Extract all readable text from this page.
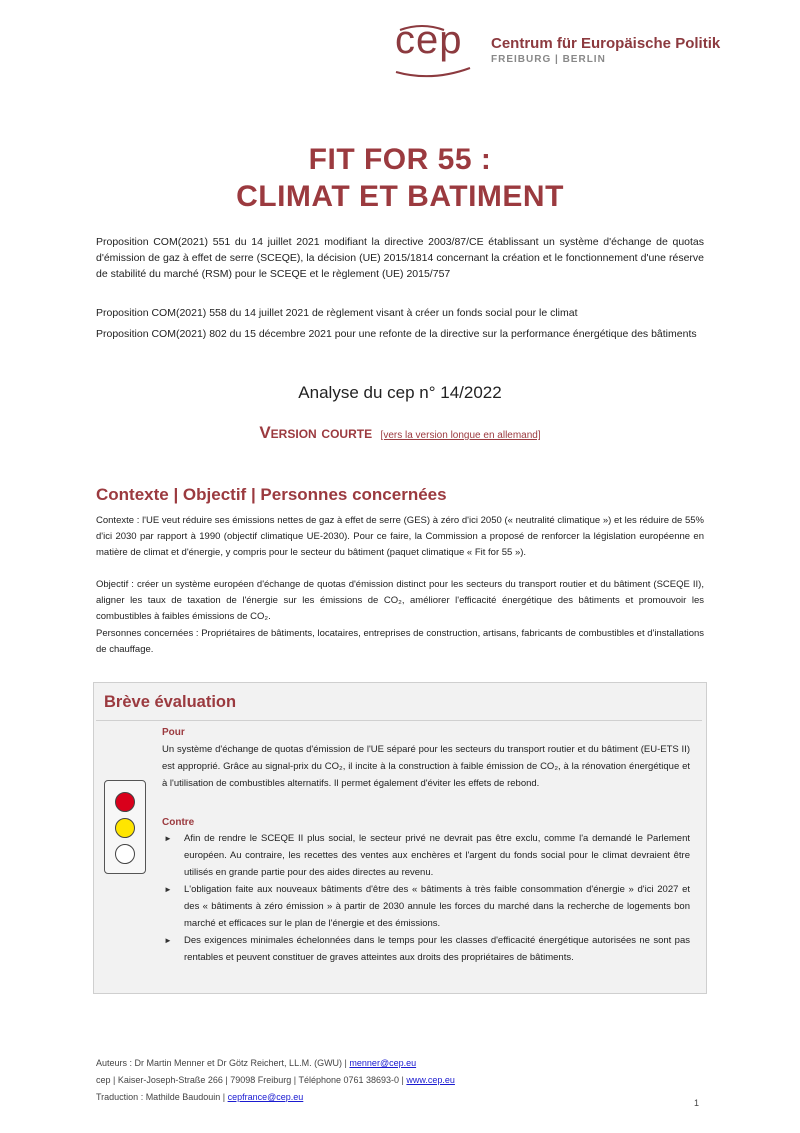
cep Centrum für Europäische Politik
FREIBURG | BERLIN
FIT FOR 55 :
CLIMAT ET BATIMENT
Proposition COM(2021) 551 du 14 juillet 2021 modifiant la directive 2003/87/CE établissant un système d'échange de quotas d'émission de gaz à effet de serre (SCEQE), la décision (UE) 2015/1814 concernant la création et le fonctionnement d'une réserve de stabilité du marché (RSM) pour le SCEQE et le règlement (UE) 2015/757
Proposition COM(2021) 558 du 14 juillet 2021 de règlement visant à créer un fonds social pour le climat
Proposition COM(2021) 802 du 15 décembre 2021 pour une refonte de la directive sur la performance énergétique des bâtiments
Analyse du cep n° 14/2022
Version courte [vers la version longue en allemand]
Contexte | Objectif | Personnes concernées
Contexte : l'UE veut réduire ses émissions nettes de gaz à effet de serre (GES) à zéro d'ici 2050 (« neutralité climatique ») et les réduire de 55% d'ici 2030 par rapport à 1990 (objectif climatique UE-2030). Pour ce faire, la Commission a proposé de renforcer la législation européenne en matière de climat et d'énergie, y compris pour le secteur du bâtiment (paquet climatique « Fit for 55 »).
Objectif : créer un système européen d'échange de quotas d'émission distinct pour les secteurs du transport routier et du bâtiment (SCEQE II), aligner les taux de taxation de l'énergie sur les émissions de CO₂, améliorer l'efficacité énergétique des bâtiments et promouvoir les combustibles à faibles émissions de CO₂.
Personnes concernées : Propriétaires de bâtiments, locataires, entreprises de construction, artisans, fabricants de combustibles et d'installations de chauffage.
Brève évaluation
Pour
Un système d'échange de quotas d'émission de l'UE séparé pour les secteurs du transport routier et du bâtiment (EU-ETS II) est approprié. Grâce au signal-prix du CO₂, il incite à la construction à faible émission de CO₂, à la rénovation énergétique et à l'utilisation de combustibles alternatifs. Il permet également d'éviter les effets de rebond.
Contre
► Afin de rendre le SCEQE II plus social, le secteur privé ne devrait pas être exclu, comme l'a demandé le Parlement européen. Au contraire, les recettes des ventes aux enchères et l'argent du fonds social pour le climat devraient être utilisés en grande partie pour des aides directes au revenu.
► L'obligation faite aux nouveaux bâtiments d'être des « bâtiments à très faible consommation d'énergie » d'ici 2027 et des « bâtiments à zéro émission » à partir de 2030 annule les forces du marché dans la recherche de logements bon marché et efficaces sur le plan de l'énergie et des émissions.
► Des exigences minimales échelonnées dans le temps pour les classes d'efficacité énergétique autorisées ne sont pas rentables et peuvent constituer de graves atteintes aux droits des propriétaires de bâtiments.
Auteurs : Dr Martin Menner et Dr Götz Reichert, LL.M. (GWU) | menner@cep.eu
cep | Kaiser-Joseph-Straße 266 | 79098 Freiburg | Téléphone 0761 38693-0 | www.cep.eu
Traduction : Mathilde Baudouin | cepfrance@cep.eu
1
